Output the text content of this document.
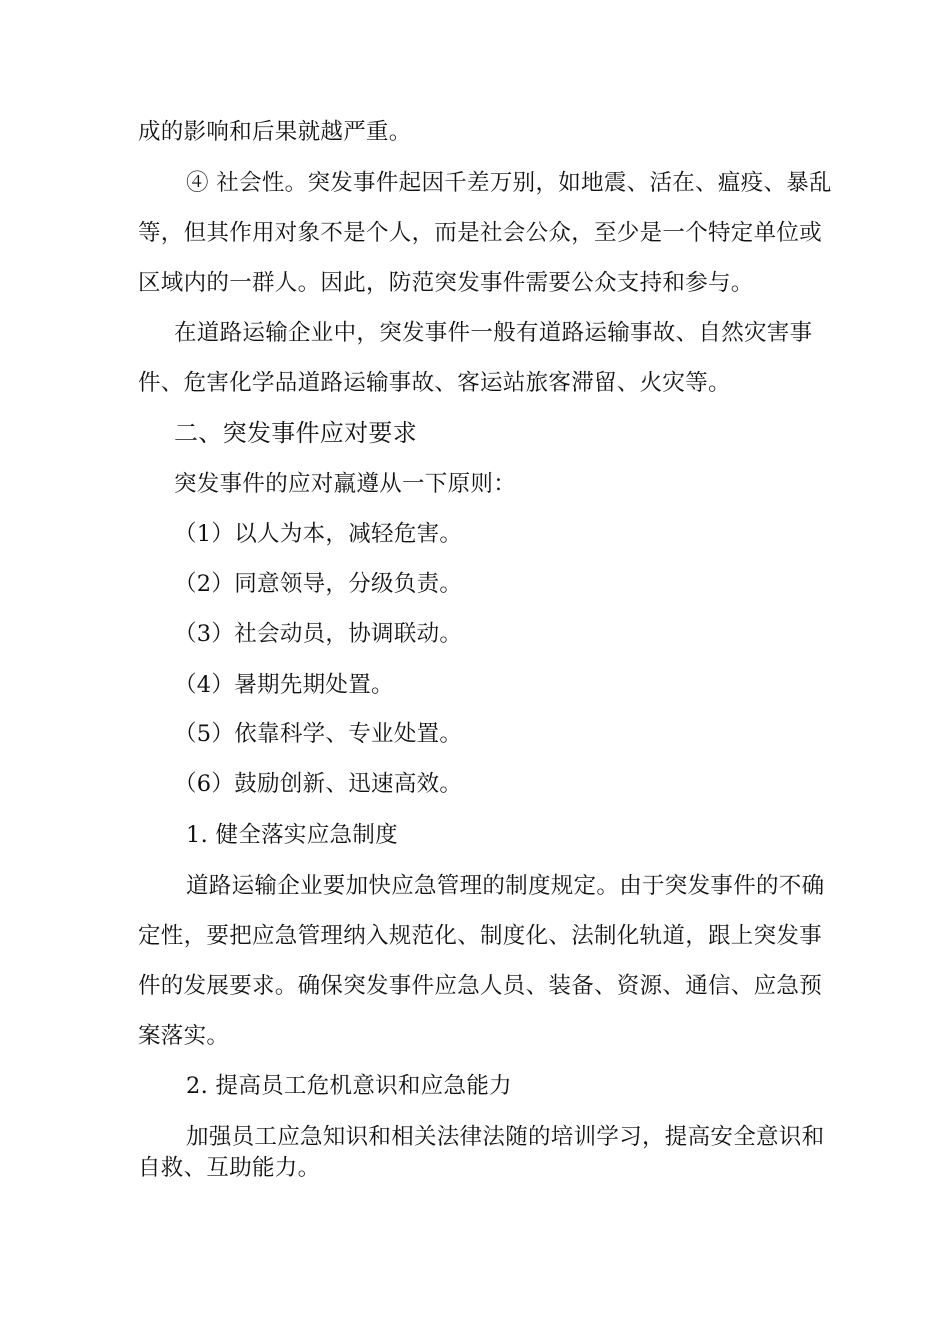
成的影响和后果就越严重。

④ 社会性。突发事件起因千差万别，如地震、活在、瘟疫、暴乱

等，但其作用对象不是个人，而是社会公众，至少是一个特定单位或

区域内的一群人。因此，防范突发事件需要公众支持和参与。

在道路运输企业中，突发事件一般有道路运输事故、自然灾害事

件、危害化学品道路运输事故、客运站旅客滞留、火灾等。

二、突发事件应对要求

突发事件的应对羸遵从一下原则：

（1）以人为本，减轻危害。

（2）同意领导，分级负责。

（3）社会动员，协调联动。

（4）暑期先期处置。

（5）依靠科学、专业处置。

（6）鼓励创新、迅速高效。

1. 健全落实应急制度

道路运输企业要加快应急管理的制度规定。由于突发事件的不确

定性，要把应急管理纳入规范化、制度化、法制化轨道，跟上突发事

件的发展要求。确保突发事件应急人员、装备、资源、通信、应急预

案落实。

2. 提高员工危机意识和应急能力

加强员工应急知识和相关法律法随的培训学习，提高安全意识和

自救、互助能力。
